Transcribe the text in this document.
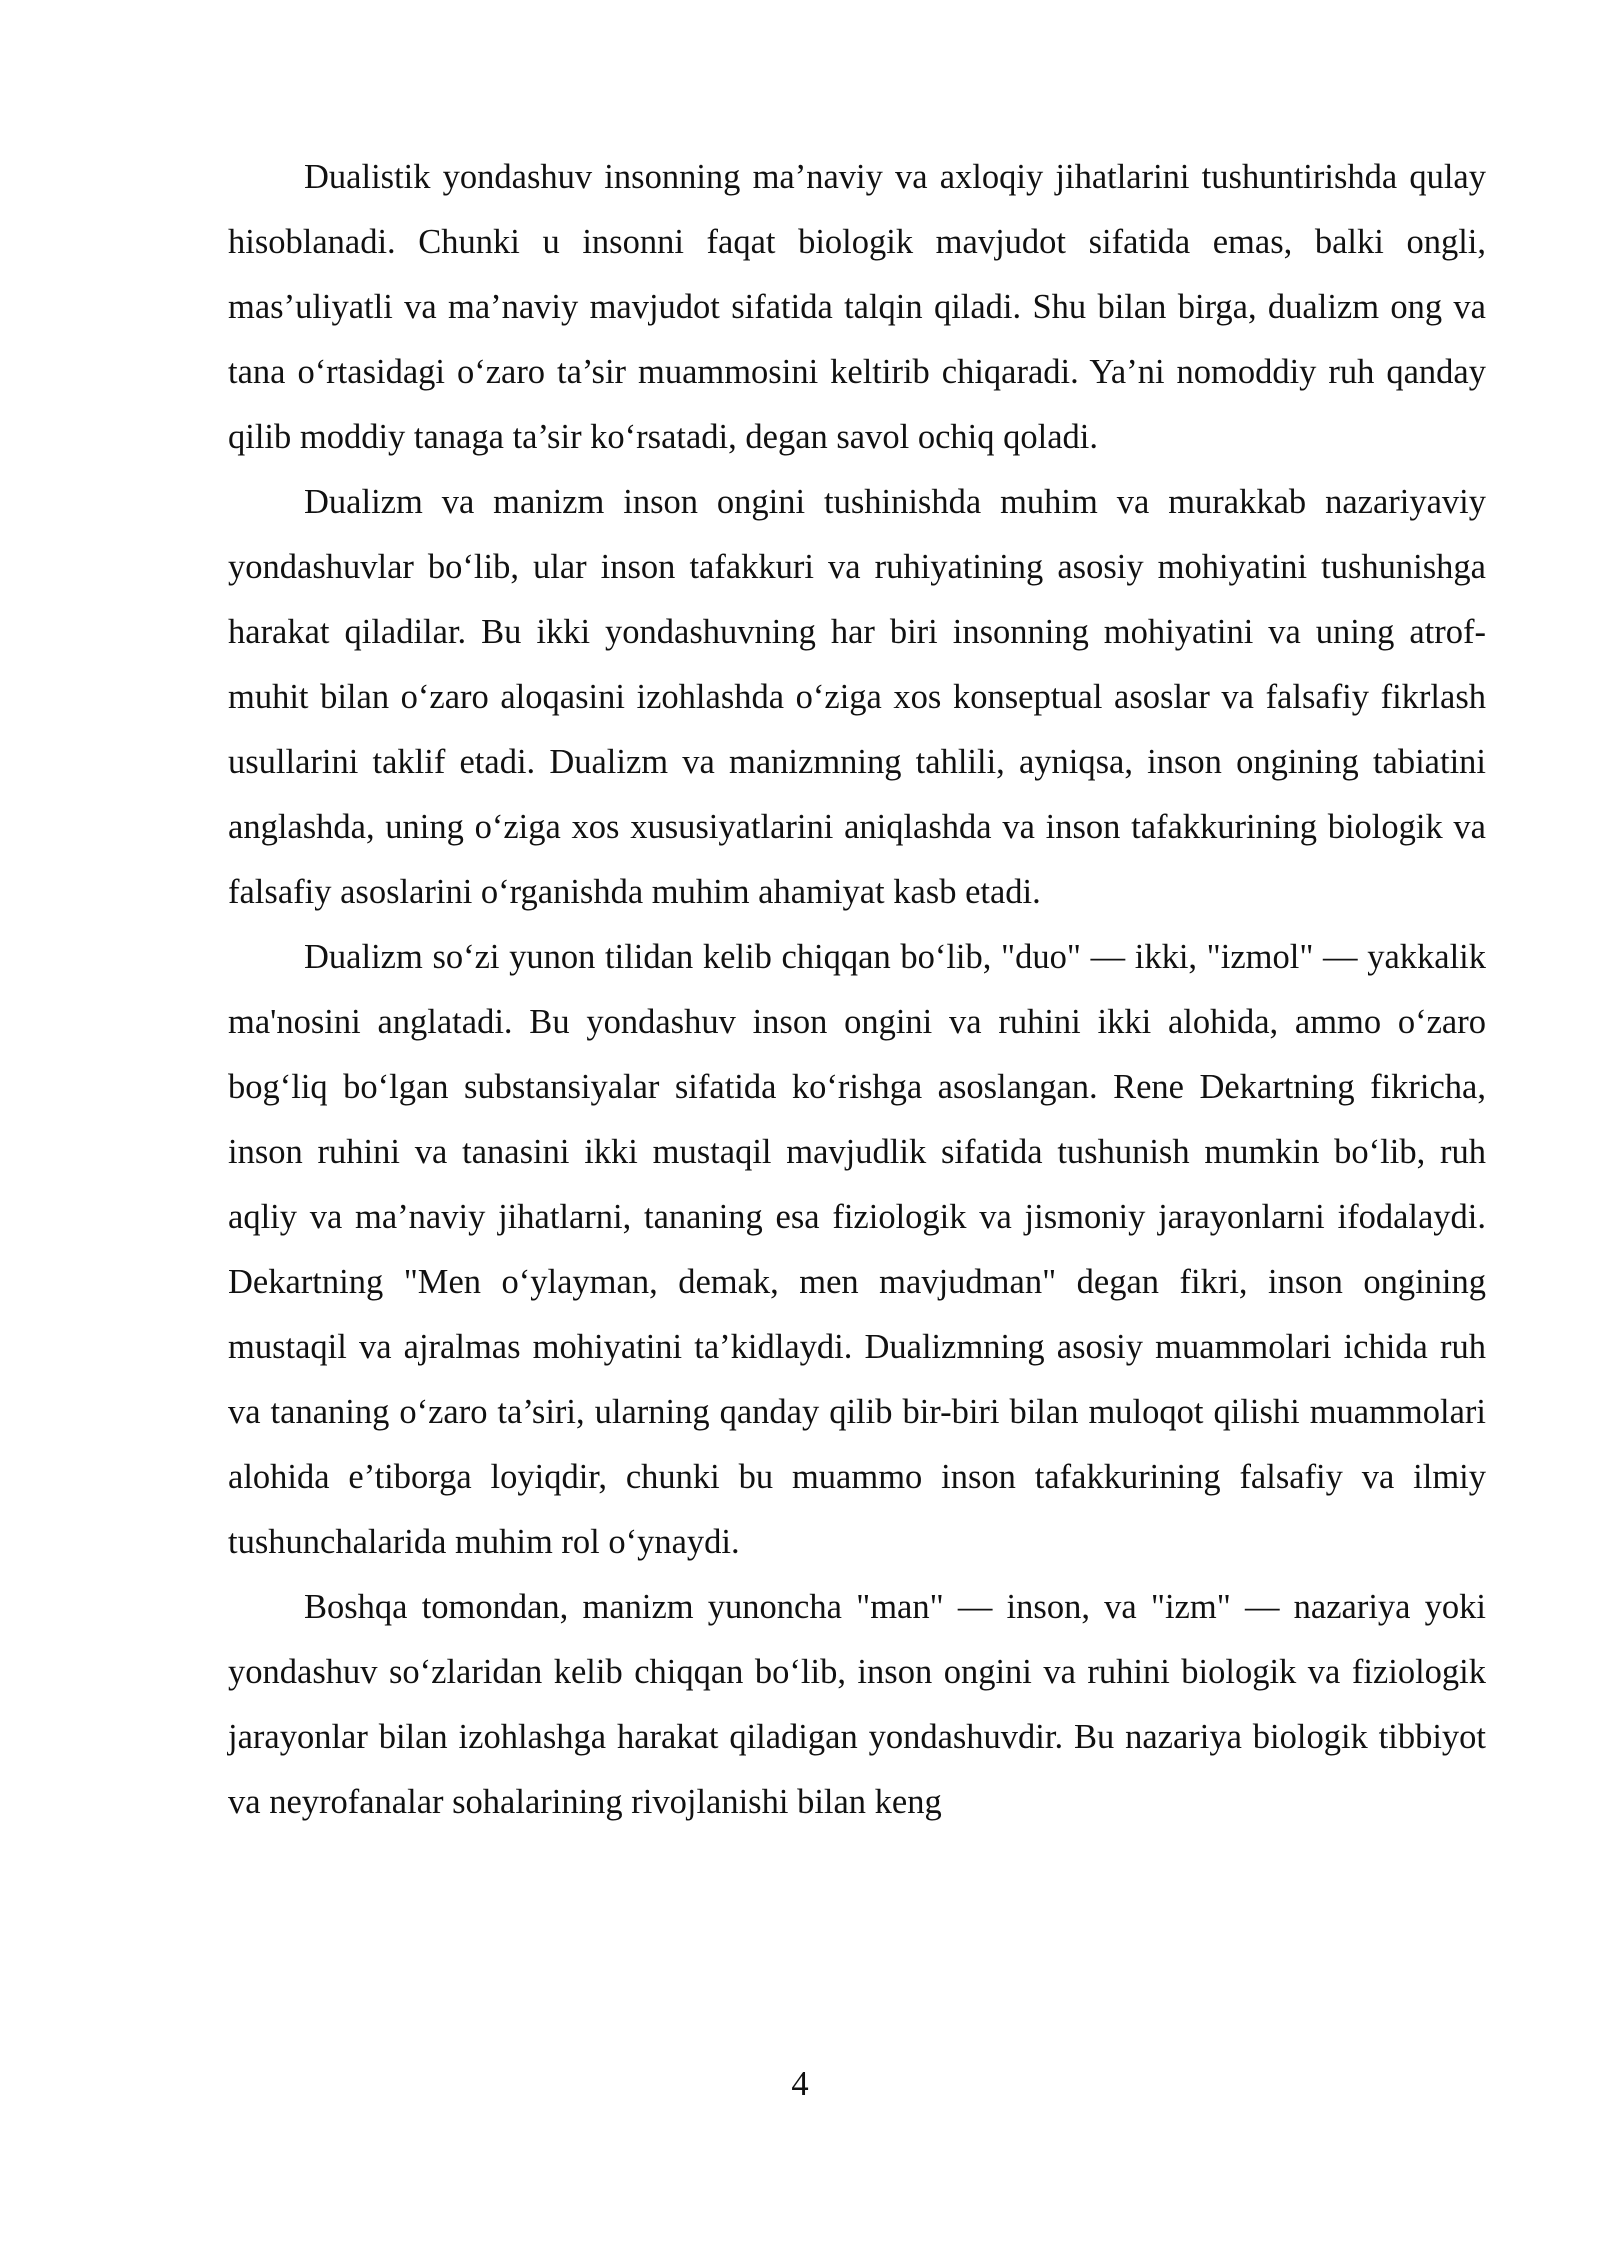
Dualistik yondashuv insonning ma’naviy va axloqiy jihatlarini tushuntirishda qulay hisoblanadi. Chunki u insonni faqat biologik mavjudot sifatida emas, balki ongli, mas’uliyatli va ma’naviy mavjudot sifatida talqin qiladi. Shu bilan birga, dualizm ong va tana o‘rtasidagi o‘zaro ta’sir muammosini keltirib chiqaradi. Ya’ni nomoddiy ruh qanday qilib moddiy tanaga ta’sir ko‘rsatadi, degan savol ochiq qoladi.

Dualizm va manizm inson ongini tushinishda muhim va murakkab nazariyaviy yondashuvlar bo‘lib, ular inson tafakkuri va ruhiyatining asosiy mohiyatini tushunishga harakat qiladilar. Bu ikki yondashuvning har biri insonning mohiyatini va uning atrof-muhit bilan o‘zaro aloqasini izohlashda o‘ziga xos konseptual asoslar va falsafiy fikrlash usullarini taklif etadi. Dualizm va manizmning tahlili, ayniqsa, inson ongining tabiatini anglashda, uning o‘ziga xos xususiyatlarini aniqlashda va inson tafakkurining biologik va falsafiy asoslarini o‘rganishda muhim ahamiyat kasb etadi.

Dualizm so‘zi yunon tilidan kelib chiqqan bo‘lib, "duo" — ikki, "izmol" — yakkalik ma'nosini anglatadi. Bu yondashuv inson ongini va ruhini ikki alohida, ammo o‘zaro bog‘liq bo‘lgan substansiyalar sifatida ko‘rishga asoslangan. Rene Dekartning fikricha, inson ruhini va tanasini ikki mustaqil mavjudlik sifatida tushunish mumkin bo‘lib, ruh aqliy va ma’naviy jihatlarni, tananing esa fiziologik va jismoniy jarayonlarni ifodalaydi. Dekartning "Men o‘ylayman, demak, men mavjudman" degan fikri, inson ongining mustaqil va ajralmas mohiyatini ta’kidlaydi. Dualizmning asosiy muammolari ichida ruh va tananing o‘zaro ta’siri, ularning qanday qilib bir-biri bilan muloqot qilishi muammolari alohida e’tiborga loyiqdir, chunki bu muammo inson tafakkurining falsafiy va ilmiy tushunchalarida muhim rol o‘ynaydi.

Boshqa tomondan, manizm yunoncha "man" — inson, va "izm" — nazariya yoki yondashuv so‘zlaridan kelib chiqqan bo‘lib, inson ongini va ruhini biologik va fiziologik jarayonlar bilan izohlashga harakat qiladigan yondashuvdir. Bu nazariya biologik tibbiyot va neyrofanalar sohalarining rivojlanishi bilan keng

4
